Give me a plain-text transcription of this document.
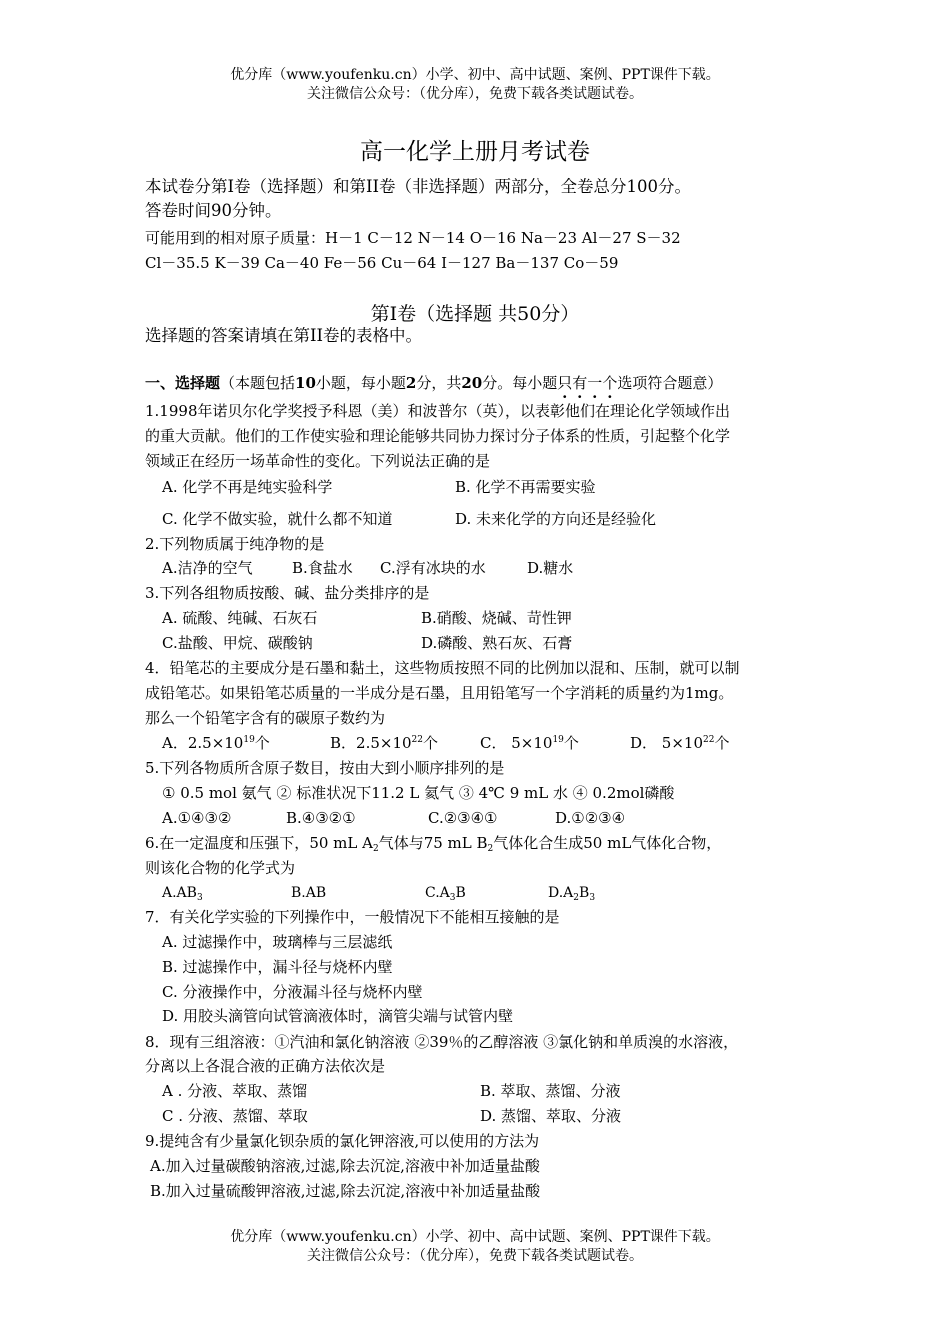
优分库（www.youfenku.cn）小学、初中、高中试题、案例、PPT课件下载。
关注微信公众号：（优分库），免费下载各类试题试卷。
高一化学上册月考试卷
本试卷分第Ⅰ卷（选择题）和第II卷（非选择题）两部分，全卷总分100分。
答卷时间90分钟。
可能用到的相对原子质量：H－1 C－12 N－14 O－16 Na－23 Al－27 S－32
Cl－35.5 K－39 Ca－40 Fe－56 Cu－64 I－127 Ba－137 Co－59
第Ⅰ卷（选择题 共50分）
选择题的答案请填在第II卷的表格中。
一、选择题（本题包括10小题，每小题2分，共20分。每小题只有一个选项符合题意）
1.1998年诺贝尔化学奖授予科恩（美）和波普尔（英），以表彰他们在理论化学领域作出
的重大贡献。他们的工作使实验和理论能够共同协力探讨分子体系的性质，引起整个化学
领域正在经历一场革命性的变化。下列说法正确的是
A. 化学不再是纯实验科学	B. 化学不再需要实验
C. 化学不做实验，就什么都不知道	D. 未来化学的方向还是经验化
2.下列物质属于纯净物的是
A.洁净的空气	B.食盐水 C.浮有冰块的水	D.糖水
3.下列各组物质按酸、碱、盐分类排序的是
A. 硫酸、纯碱、石灰石	B.硝酸、烧碱、苛性钾
C.盐酸、甲烷、碳酸钠	D.磷酸、熟石灰、石膏
4．铅笔芯的主要成分是石墨和黏土，这些物质按照不同的比例加以混和、压制，就可以制
成铅笔芯。如果铅笔芯质量的一半成分是石墨，且用铅笔写一个字消耗的质量约为1mg。
那么一个铅笔字含有的碳原子数约为
A．$2.5\times 10^{19}$个	B．$2.5\times 10^{22}$个	C． $5\times 10^{19}$个	D． $5\times 10^{22}$个
5.下列各物质所含原子数目，按由大到小顺序排列的是
① 0.5 mol 氨气 ② 标准状况下11.2 L 氦气 ③ 4℃ 9 mL 水 ④ 0.2mol磷酸
A.①④③②	B.④③②①	C.②③④①	D.①②③④
6.在一定温度和压强下，50 mL $A_2$气体与75 mL $B_2$气体化合生成50 mL气体化合物，
则该化合物的化学式为
$A.AB_3$	B.AB	$C.A_3B$	$D.A_2B_3$
7．有关化学实验的下列操作中，一般情况下不能相互接触的是
A. 过滤操作中，玻璃棒与三层滤纸
B. 过滤操作中，漏斗径与烧杯内壁
C. 分液操作中，分液漏斗径与烧杯内壁
D. 用胶头滴管向试管滴液体时，滴管尖端与试管内壁
8．现有三组溶液：①汽油和氯化钠溶液 ②39％的乙醇溶液 ③氯化钠和单质溴的水溶液，
分离以上各混合液的正确方法依次是
A . 分液、萃取、蒸馏	B. 萃取、蒸馏、分液
C . 分液、蒸馏、萃取	D. 蒸馏、萃取、分液
9.提纯含有少量氯化钡杂质的氯化钾溶液,可以使用的方法为
A.加入过量碳酸钠溶液,过滤,除去沉淀,溶液中补加适量盐酸
B.加入过量硫酸钾溶液,过滤,除去沉淀,溶液中补加适量盐酸
优分库（www.youfenku.cn）小学、初中、高中试题、案例、PPT课件下载。
关注微信公众号：（优分库），免费下载各类试题试卷。
